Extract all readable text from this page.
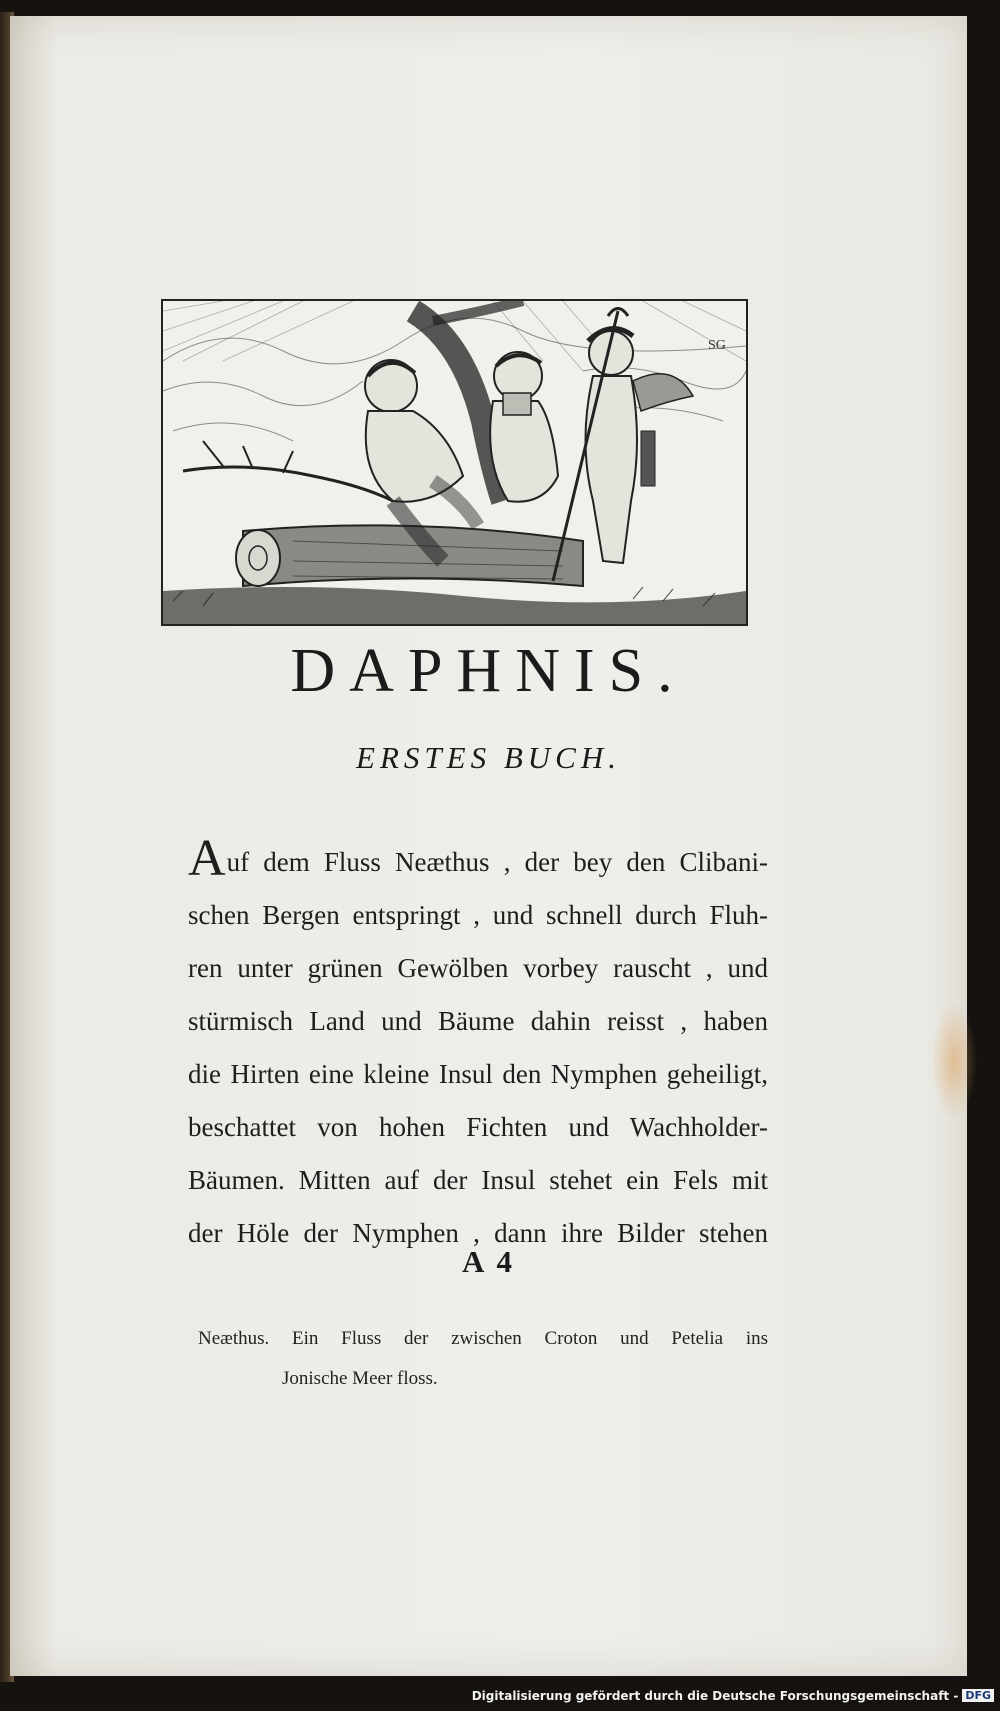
SG
DAPHNIS.
ERSTES BUCH.
Auf dem Fluss Neæthus , der bey den Clibani-
schen Bergen entspringt , und schnell durch Fluh-
ren unter grünen Gewölben vorbey rauscht , und
stürmisch Land und Bäume dahin reisst , haben
die Hirten eine kleine Insul den Nymphen geheiligt,
beschattet von hohen Fichten und Wachholder-
Bäumen. Mitten auf der Insul stehet ein Fels mit
der Höle der Nymphen , dann ihre Bilder stehen
A 4
Neæthus. Ein Fluss der zwischen Croton und Petelia ins
Jonische Meer floss.
Digitalisierung gefördert durch die Deutsche Forschungsgemeinschaft - DFG
